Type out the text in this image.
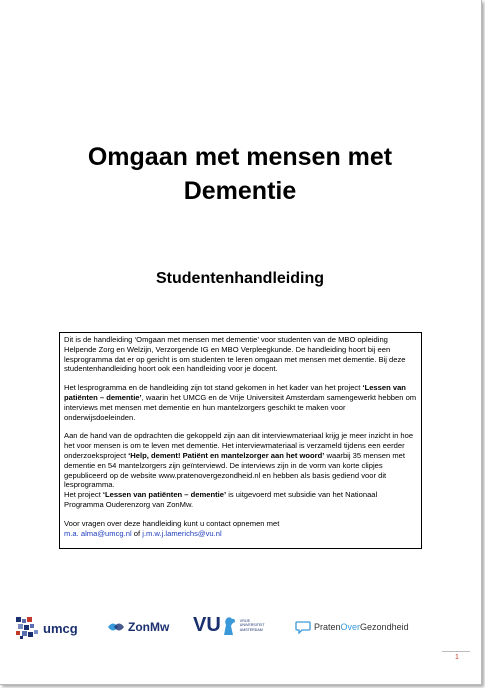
Omgaan met mensen met
Dementie
Studentenhandleiding

Dit is de handleiding ‘Omgaan met mensen met dementie’ voor studenten van de MBO opleiding Helpende Zorg en Welzijn, Verzorgende IG en MBO Verpleegkunde. De handleiding hoort bij een lesprogramma dat er op gericht is om studenten te leren omgaan met mensen met dementie. Bij deze studentenhandleiding hoort ook een handleiding voor je docent.

Het lesprogramma en de handleiding zijn tot stand gekomen in het kader van het project ‘Lessen van patiënten – dementie’, waarin het UMCG en de Vrije Universiteit Amsterdam samengewerkt hebben om interviews met mensen met dementie en hun mantelzorgers geschikt te maken voor onderwijsdoeleinden.

Aan de hand van de opdrachten die gekoppeld zijn aan dit interviewmateriaal krijg je meer inzicht in hoe het voor mensen is om te leven met dementie. Het interviewmateriaal is verzameld tijdens een eerder onderzoeksproject ‘Help, dement! Patiënt en mantelzorger aan het woord’ waarbij 35 mensen met dementie en 54 mantelzorgers zijn geïnterviewd. De interviews zijn in de vorm van korte clipjes gepubliceerd op de website www.pratenovergezondheid.nl en hebben als basis gediend voor dit lesprogramma.
Het project ‘Lessen van patiënten – dementie’ is uitgevoerd met subsidie van het Nationaal Programma Ouderenzorg van ZonMw.

Voor vragen over deze handleiding kunt u contact opnemen met
m.a. alma@umcg.nl of j.m.w.j.lamerichs@vu.nl

umcg	ZonMw VU	VRIJE
UNIVERSITEIT
AMSTERDAM	PratenOverGezondheid
1
